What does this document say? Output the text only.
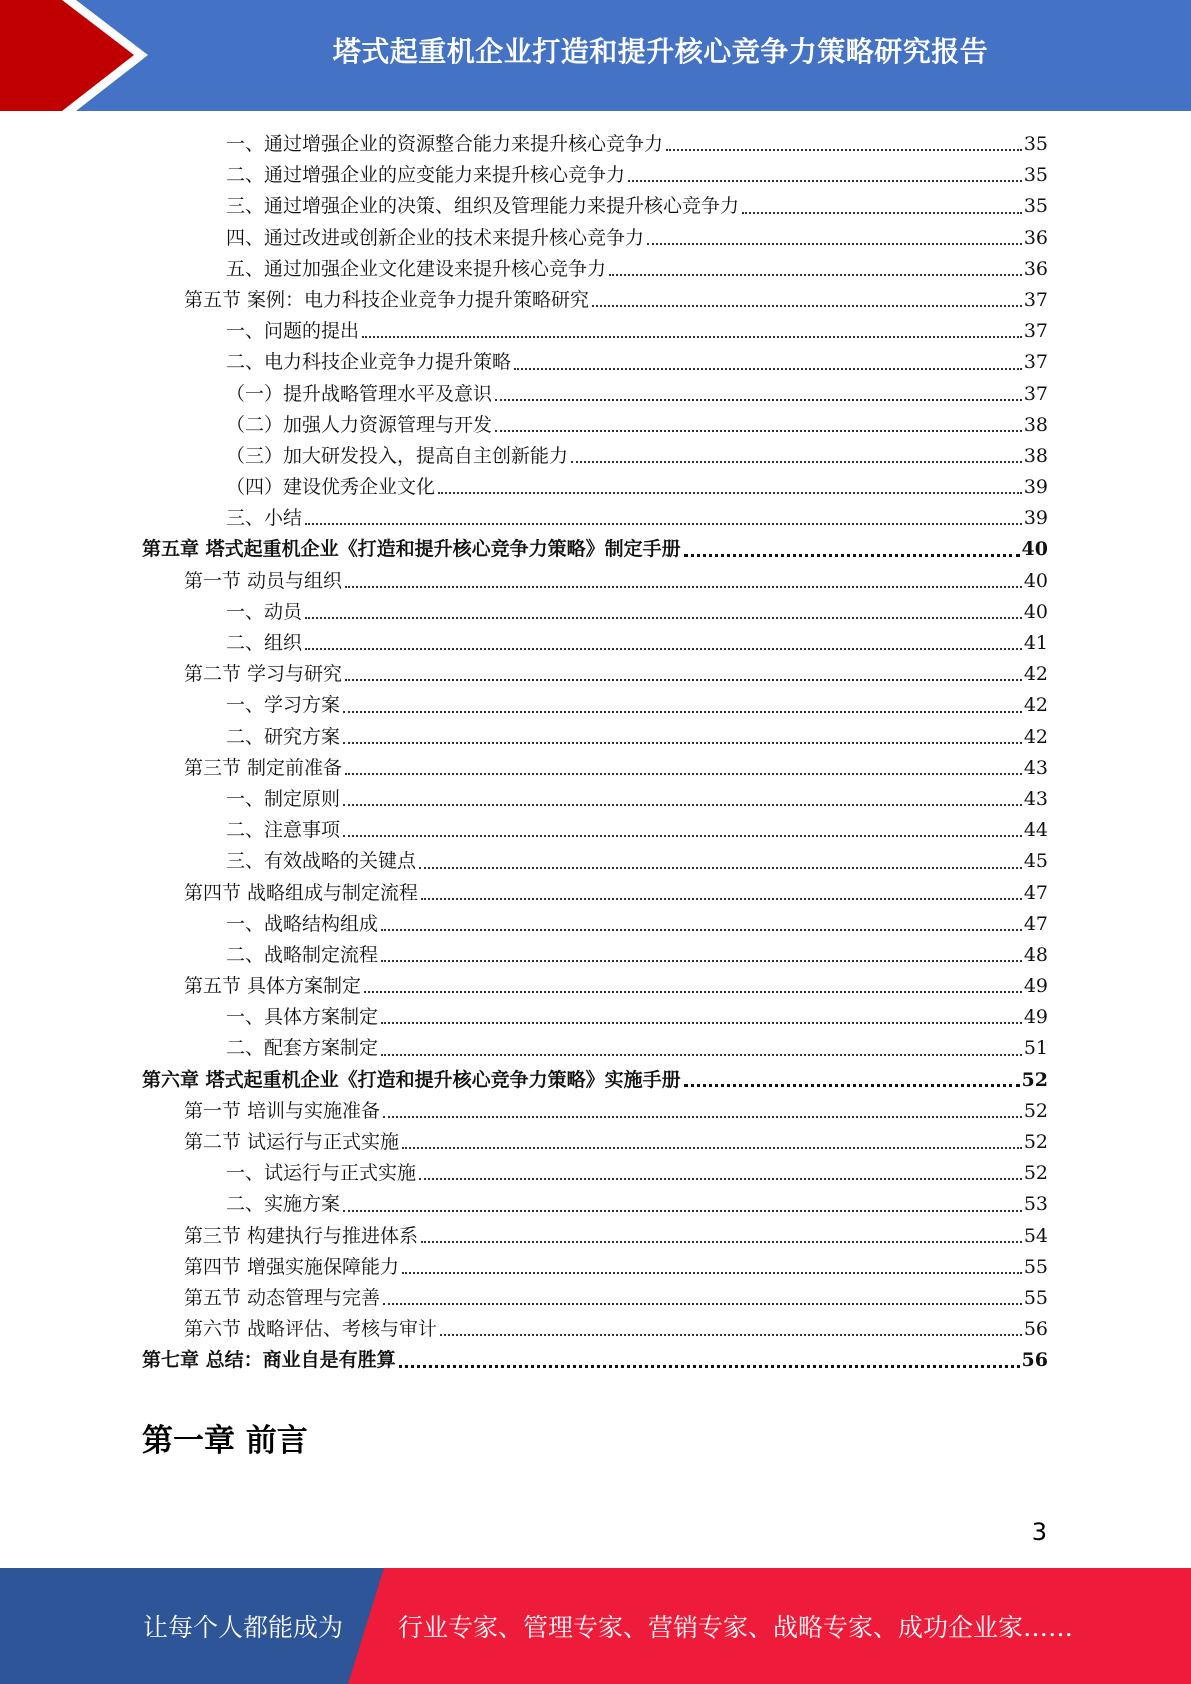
塔式起重机企业打造和提升核心竞争力策略研究报告
一、通过增强企业的资源整合能力来提升核心竞争力	35
二、通过增强企业的应变能力来提升核心竞争力	35
三、通过增强企业的决策、组织及管理能力来提升核心竞争力	35
四、通过改进或创新企业的技术来提升核心竞争力	36
五、通过加强企业文化建设来提升核心竞争力	36
第五节 案例：电力科技企业竞争力提升策略研究	37
一、问题的提出	37
二、电力科技企业竞争力提升策略	37
（一）提升战略管理水平及意识	37
（二）加强人力资源管理与开发	38
（三）加大研发投入，提高自主创新能力	38
（四）建设优秀企业文化	39
三、小结	39
第五章 塔式起重机企业《打造和提升核心竞争力策略》制定手册	40
第一节 动员与组织	40
一、动员	40
二、组织	41
第二节 学习与研究	42
一、学习方案	42
二、研究方案	42
第三节 制定前准备	43
一、制定原则	43
二、注意事项	44
三、有效战略的关键点	45
第四节 战略组成与制定流程	47
一、战略结构组成	47
二、战略制定流程	48
第五节 具体方案制定	49
一、具体方案制定	49
二、配套方案制定	51
第六章 塔式起重机企业《打造和提升核心竞争力策略》实施手册	52
第一节 培训与实施准备	52
第二节 试运行与正式实施	52
一、试运行与正式实施	52
二、实施方案	53
第三节 构建执行与推进体系	54
第四节 增强实施保障能力	55
第五节 动态管理与完善	55
第六节 战略评估、考核与审计	56
第七章 总结：商业自是有胜算	56
第一章 前言
3
让每个人都能成为 行业专家、管理专家、营销专家、战略专家、成功企业家……
